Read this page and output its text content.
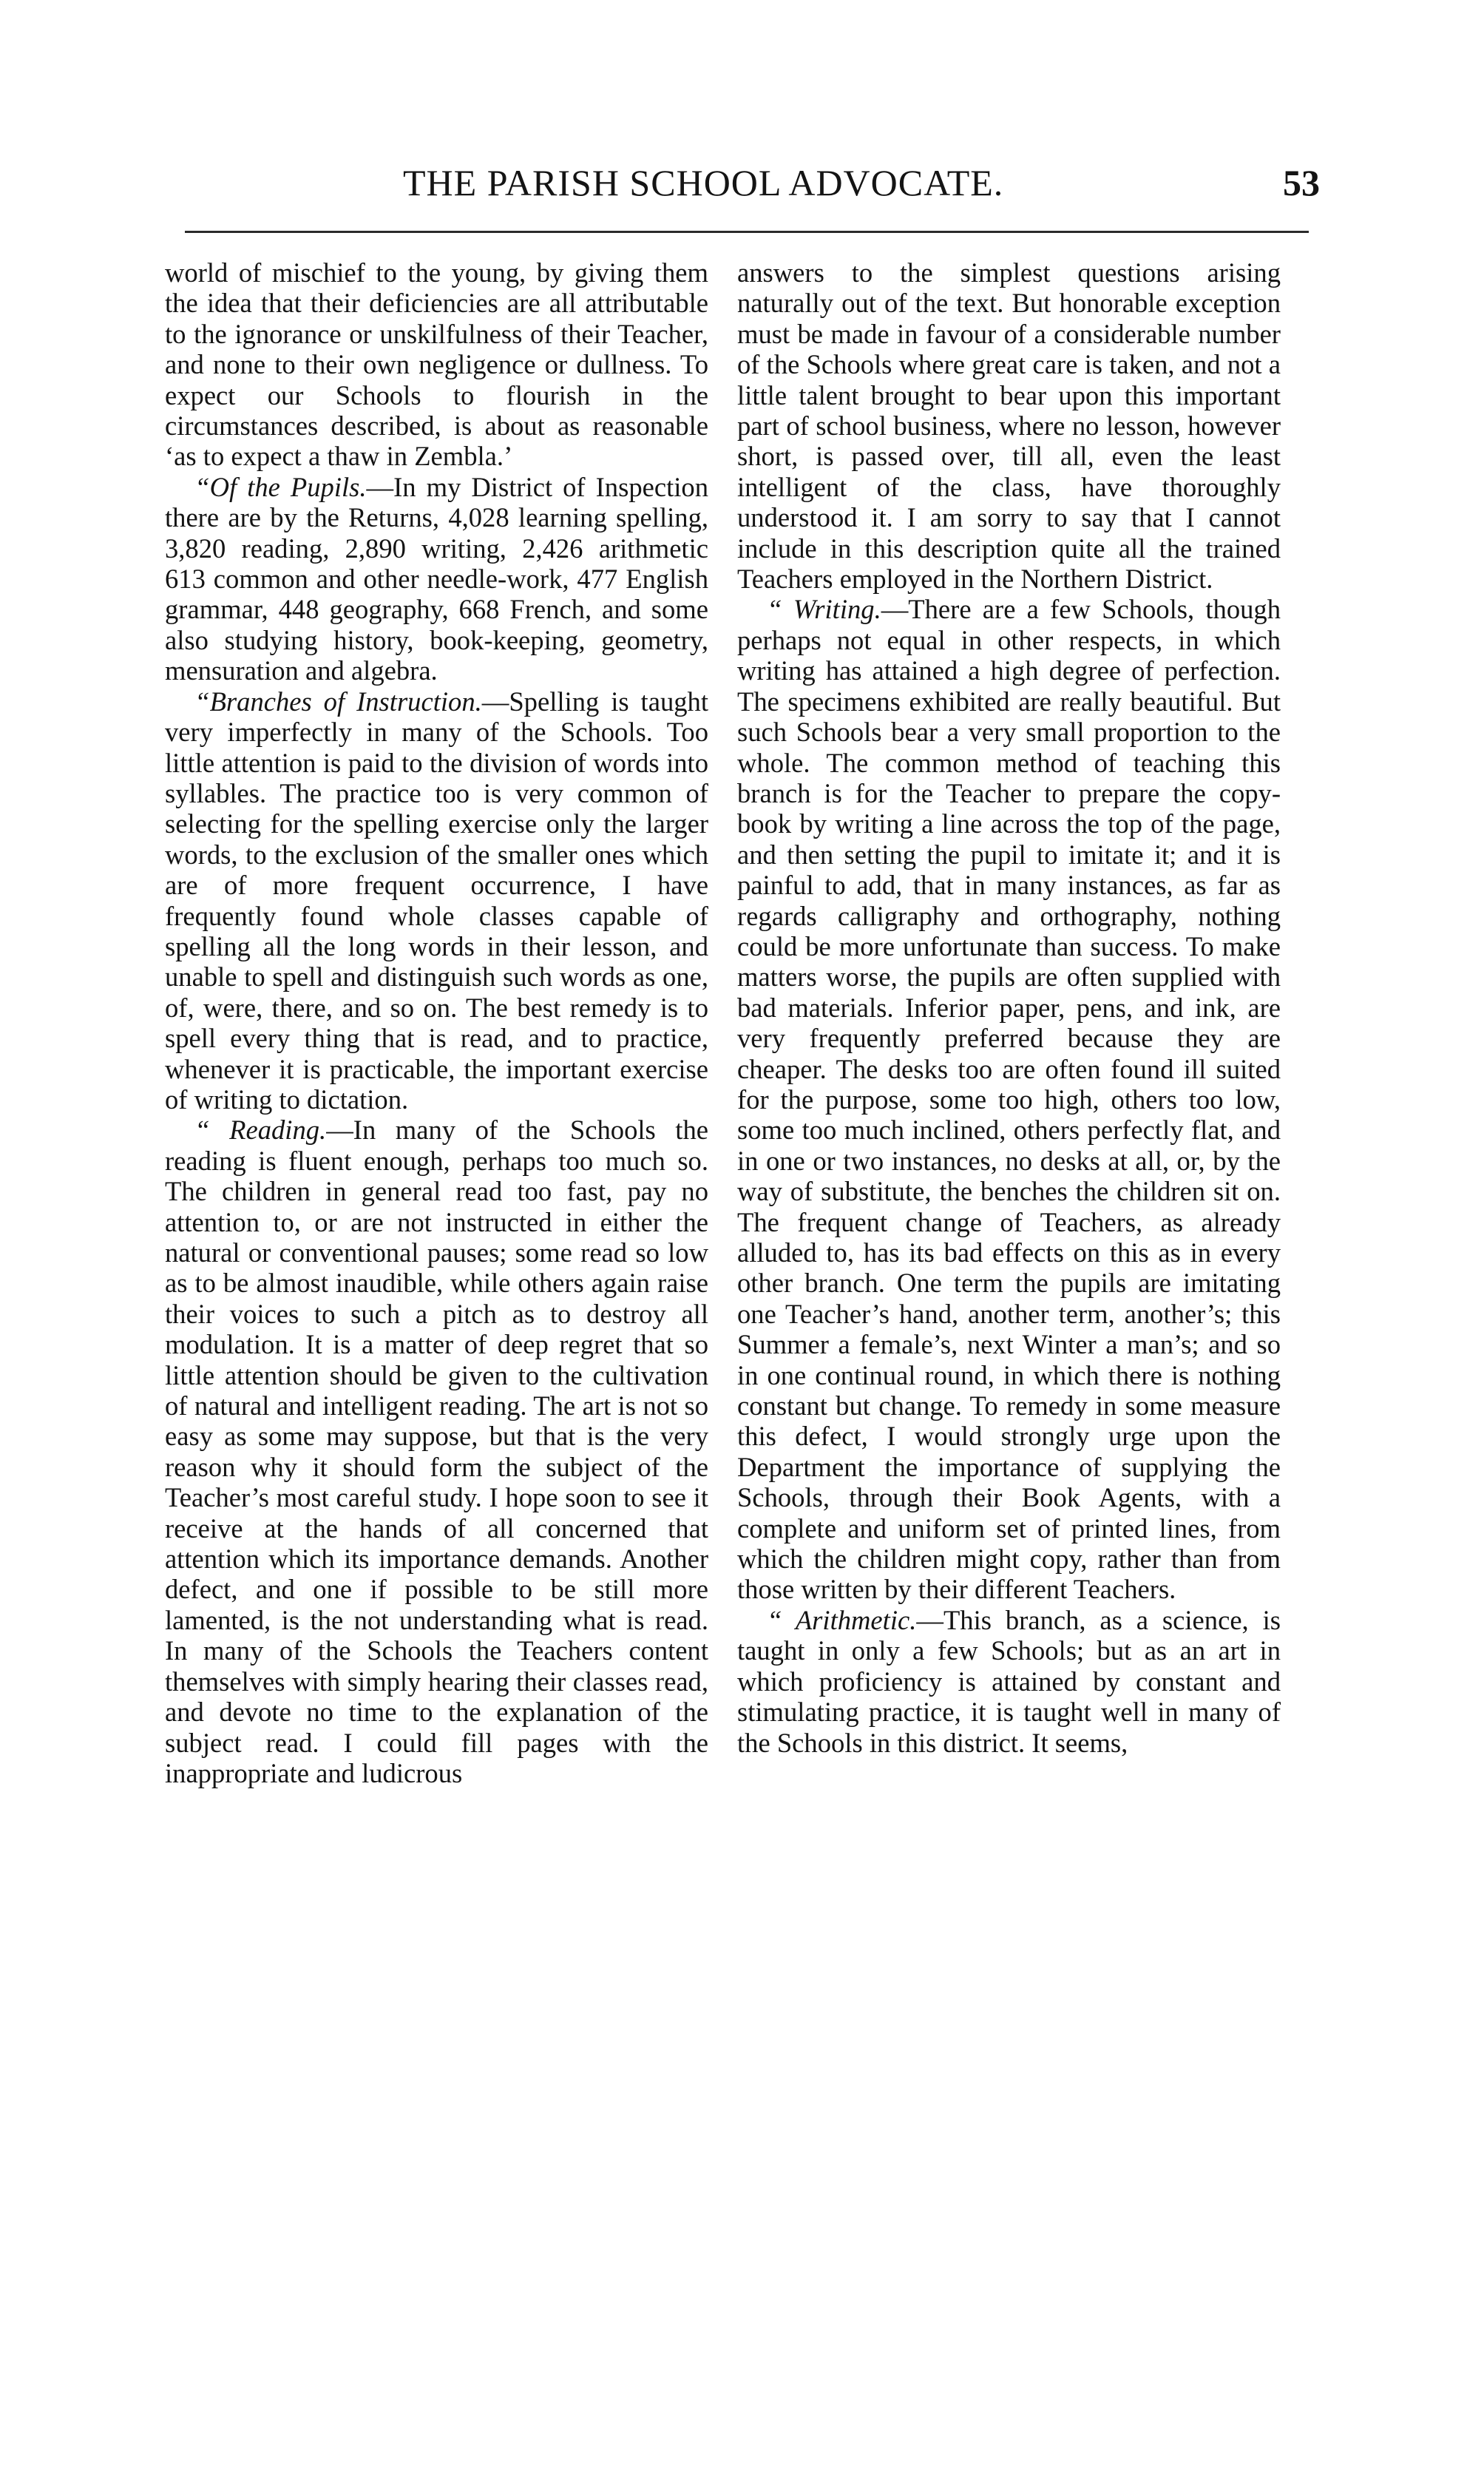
THE PARISH SCHOOL ADVOCATE.	53

world of mischief to the young, by giving them the idea that their deficiencies are all attributable to the ignorance or unskilfulness of their Teacher, and none to their own negligence or dullness. To expect our Schools to flourish in the circumstances described, is about as reasonable ‘as to expect a thaw in Zembla.’

“Of the Pupils.—In my District of Inspection there are by the Returns, 4,028 learning spelling, 3,820 reading, 2,890 writing, 2,426 arithmetic 613 common and other needle-work, 477 English grammar, 448 geography, 668 French, and some also studying history, book-keeping, geometry, mensuration and algebra.

“Branches of Instruction.—Spelling is taught very imperfectly in many of the Schools. Too little attention is paid to the division of words into syllables. The practice too is very common of selecting for the spelling exercise only the larger words, to the exclusion of the smaller ones which are of more frequent occurrence, I have frequently found whole classes capable of spelling all the long words in their lesson, and unable to spell and distinguish such words as one, of, were, there, and so on. The best remedy is to spell every thing that is read, and to practice, whenever it is practicable, the important exercise of writing to dictation.

“ Reading.—In many of the Schools the reading is fluent enough, perhaps too much so. The children in general read too fast, pay no attention to, or are not instructed in either the natural or conventional pauses; some read so low as to be almost inaudible, while others again raise their voices to such a pitch as to destroy all modulation. It is a matter of deep regret that so little attention should be given to the cultivation of natural and intelligent reading. The art is not so easy as some may suppose, but that is the very reason why it should form the subject of the Teacher’s most careful study. I hope soon to see it receive at the hands of all concerned that attention which its importance demands. Another defect, and one if possible to be still more lamented, is the not understanding what is read. In many of the Schools the Teachers content themselves with simply hearing their classes read, and devote no time to the explanation of the subject read. I could fill pages with the inappropriate and ludicrous

answers to the simplest questions arising naturally out of the text. But honorable exception must be made in favour of a considerable number of the Schools where great care is taken, and not a little talent brought to bear upon this important part of school business, where no lesson, however short, is passed over, till all, even the least intelligent of the class, have thoroughly understood it. I am sorry to say that I cannot include in this description quite all the trained Teachers employed in the Northern District.

“ Writing.—There are a few Schools, though perhaps not equal in other respects, in which writing has attained a high degree of perfection. The specimens exhibited are really beautiful. But such Schools bear a very small proportion to the whole. The common method of teaching this branch is for the Teacher to prepare the copy-book by writing a line across the top of the page, and then setting the pupil to imitate it; and it is painful to add, that in many instances, as far as regards calligraphy and orthography, nothing could be more unfortunate than success. To make matters worse, the pupils are often supplied with bad materials. Inferior paper, pens, and ink, are very frequently preferred because they are cheaper. The desks too are often found ill suited for the purpose, some too high, others too low, some too much inclined, others perfectly flat, and in one or two instances, no desks at all, or, by the way of substitute, the benches the children sit on. The frequent change of Teachers, as already alluded to, has its bad effects on this as in every other branch. One term the pupils are imitating one Teacher’s hand, another term, another’s; this Summer a female’s, next Winter a man’s; and so in one continual round, in which there is nothing constant but change. To remedy in some measure this defect, I would strongly urge upon the Department the importance of supplying the Schools, through their Book Agents, with a complete and uniform set of printed lines, from which the children might copy, rather than from those written by their different Teachers.

“ Arithmetic.—This branch, as a science, is taught in only a few Schools; but as an art in which proficiency is attained by constant and stimulating practice, it is taught well in many of the Schools in this district. It seems,
